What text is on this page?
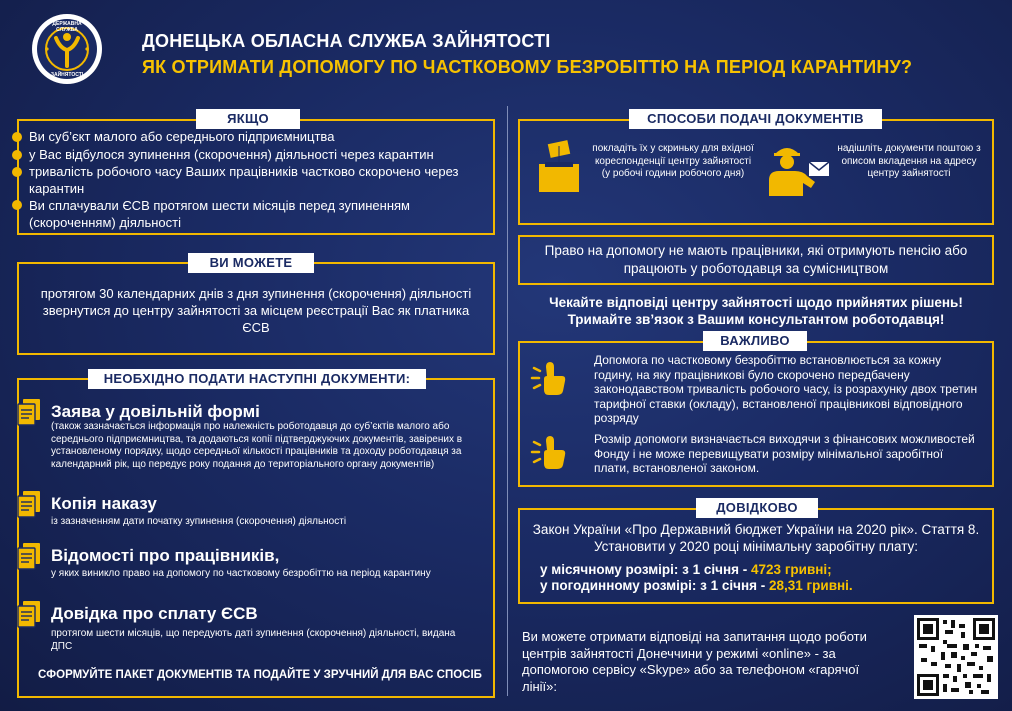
ДЕРЖАВНА СЛУЖБА
ЗАЙНЯТОСТІ
ДОНЕЦЬКА ОБЛАСНА СЛУЖБА ЗАЙНЯТОСТІ
ЯК ОТРИМАТИ ДОПОМОГУ ПО ЧАСТКОВОМУ БЕЗРОБІТТЮ НА ПЕРІОД КАРАНТИНУ?
ЯКЩО
Ви суб’єкт малого або середнього підприємництва
у Вас відбулося зупинення (скорочення) діяльності через карантин
тривалість робочого часу Ваших працівників частково скорочено через карантин
Ви сплачували ЄСВ протягом шести місяців перед зупиненням (скороченням) діяльності
ВИ МОЖЕТЕ
протягом 30 календарних днів з дня зупинення (скорочення) діяльності звернутися до центру зайнятості за місцем реєстрації Вас як платника ЄСВ
НЕОБХІДНО ПОДАТИ НАСТУПНІ ДОКУМЕНТИ:
Заява у довільній формі
(також зазначається інформація про належність роботодавця до суб’єктів малого або середнього підприємництва, та додаються копії підтверджуючих документів, завірених в установленому порядку, щодо середньої кількості працівників та доходу роботодавця за календарний рік, що передує року подання до територіального органу документів)
Копія наказу
із зазначенням дати початку зупинення (скорочення) діяльності
Відомості про працівників,
у яких виникло право на допомогу по частковому безробіттю на період карантину
Довідка про сплату ЄСВ
протягом шести місяців, що передують даті зупинення (скорочення) діяльності, видана ДПС
СФОРМУЙТЕ ПАКЕТ ДОКУМЕНТІВ ТА ПОДАЙТЕ У ЗРУЧНИЙ ДЛЯ ВАС СПОСІБ
СПОСОБИ ПОДАЧІ ДОКУМЕНТІВ
покладіть їх у скриньку для вхідної кореспонденції центру зайнятості (у робочі години робочого дня)
надішліть документи поштою з описом вкладення на адресу центру зайнятості
Право на допомогу не мають працівники, які отримують пенсію або працюють у роботодавця за сумісництвом
Чекайте відповіді центру зайнятості щодо прийнятих рішень!
Тримайте зв’язок з Вашим консультантом роботодавця!
ВАЖЛИВО
Допомога по частковому безробіттю встановлюється за кожну годину, на яку працівникові було скорочено передбачену законодавством тривалість робочого часу, із розрахунку двох третин тарифної ставки (окладу), встановленої працівникові відповідного розряду
Розмір допомоги визначається виходячи з фінансових можливостей Фонду і не може перевищувати розміру мінімальної заробітної плати, встановленої законом.
ДОВІДКОВО
Закон України «Про Державний бюджет України на 2020 рік». Стаття 8. Установити у 2020 році мінімальну заробітну плату:
у місячному розмірі: з 1 січня - 4723 гривні;
у погодинному розмірі: з 1 січня - 28,31 гривні.
Ви можете отримати відповіді на запитання щодо роботи центрів зайнятості Донеччини у режимі «online» - за допомогою сервісу «Skype» або за телефоном «гарячої лінії»:
